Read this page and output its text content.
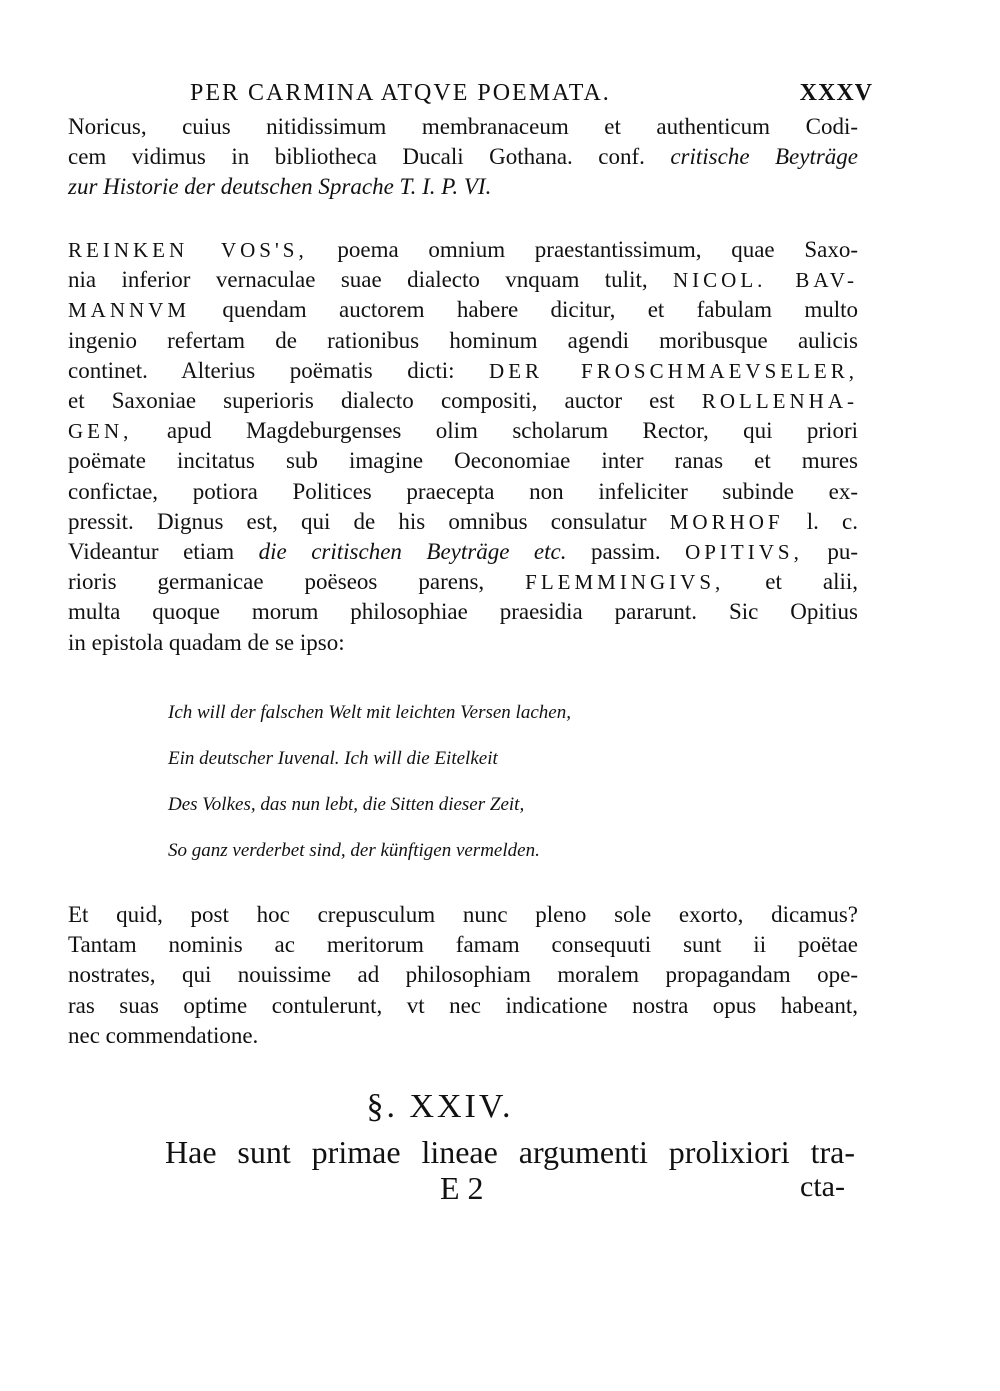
PER CARMINA ATQVE POEMATA.	XXXV
Noricus, cuius nitidissimum membranaceum et authenticum Codi-
cem vidimus in bibliotheca Ducali Gothana. conf. critische Beyträge
zur Historie der deutschen Sprache T. I. P. VI.
REINKEN VOS'S, poema omnium praestantissimum, quae Saxo-
nia inferior vernaculae suae dialecto vnquam tulit, NICOL. BAV-
MANNVM quendam auctorem habere dicitur, et fabulam multo
ingenio refertam de rationibus hominum agendi moribusque aulicis
continet. Alterius poëmatis dicti: DER FROSCHMAEVSELER,
et Saxoniae superioris dialecto compositi, auctor est ROLLENHA-
GEN, apud Magdeburgenses olim scholarum Rector, qui priori
poëmate incitatus sub imagine Oeconomiae inter ranas et mures
confictae, potiora Politices praecepta non infeliciter subinde ex-
pressit. Dignus est, qui de his omnibus consulatur MORHOF l. c.
Videantur etiam die critischen Beyträge etc. passim. OPITIVS, pu-
rioris germanicae poëseos parens, FLEMMINGIVS, et alii,
multa quoque morum philosophiae praesidia pararunt. Sic Opitius
in epistola quadam de se ipso:
Ich will der falschen Welt mit leichten Versen lachen,
Ein deutscher Iuvenal. Ich will die Eitelkeit
Des Volkes, das nun lebt, die Sitten dieser Zeit,
So ganz verderbet sind, der künftigen vermelden.
Et quid, post hoc crepusculum nunc pleno sole exorto, dicamus?
Tantam nominis ac meritorum famam consequuti sunt ii poëtae
nostrates, qui nouissime ad philosophiam moralem propagandam ope-
ras suas optime contulerunt, vt nec indicatione nostra opus habeant,
nec commendatione.
§. XXIV.
Hae sunt primae lineae argumenti prolixiori tra-
E 2	cta-
